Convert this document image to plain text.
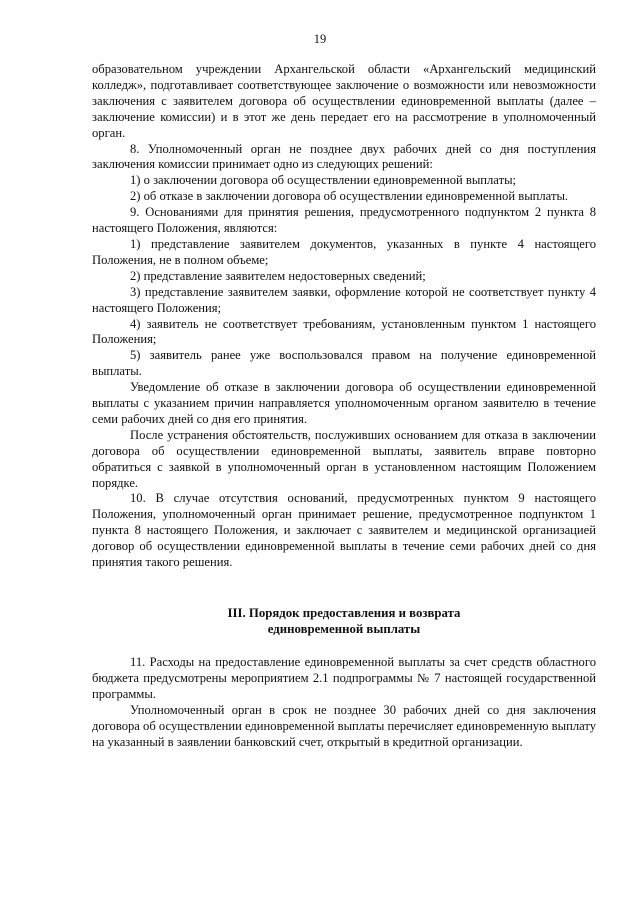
19

образовательном учреждении Архангельской области «Архангельский медицинский колледж», подготавливает соответствующее заключение о возможности или невозможности заключения с заявителем договора об осуществлении единовременной выплаты (далее – заключение комиссии) и в этот же день передает его на рассмотрение в уполномоченный орган.

8. Уполномоченный орган не позднее двух рабочих дней со дня поступления заключения комиссии принимает одно из следующих решений:

1) о заключении договора об осуществлении единовременной выплаты;

2) об отказе в заключении договора об осуществлении единовременной выплаты.

9. Основаниями для принятия решения, предусмотренного подпунктом 2 пункта 8 настоящего Положения, являются:

1) представление заявителем документов, указанных в пункте 4 настоящего Положения, не в полном объеме;

2) представление заявителем недостоверных сведений;

3) представление заявителем заявки, оформление которой не соответствует пункту 4 настоящего Положения;

4) заявитель не соответствует требованиям, установленным пунктом 1 настоящего Положения;

5) заявитель ранее уже воспользовался правом на получение единовременной выплаты.

Уведомление об отказе в заключении договора об осуществлении единовременной выплаты с указанием причин направляется уполномоченным органом заявителю в течение семи рабочих дней со дня его принятия.

После устранения обстоятельств, послуживших основанием для отказа в заключении договора об осуществлении единовременной выплаты, заявитель вправе повторно обратиться с заявкой в уполномоченный орган в установленном настоящим Положением порядке.

10. В случае отсутствия оснований, предусмотренных пунктом 9 настоящего Положения, уполномоченный орган принимает решение, предусмотренное подпунктом 1 пункта 8 настоящего Положения, и заключает с заявителем и медицинской организацией договор об осуществлении единовременной выплаты в течение семи рабочих дней со дня принятия такого решения.

III. Порядок предоставления и возврата
единовременной выплаты

11. Расходы на предоставление единовременной выплаты за счет средств областного бюджета предусмотрены мероприятием 2.1 подпрограммы № 7 настоящей государственной программы.

Уполномоченный орган в срок не позднее 30 рабочих дней со дня заключения договора об осуществлении единовременной выплаты перечисляет единовременную выплату на указанный в заявлении банковский счет, открытый в кредитной организации.
